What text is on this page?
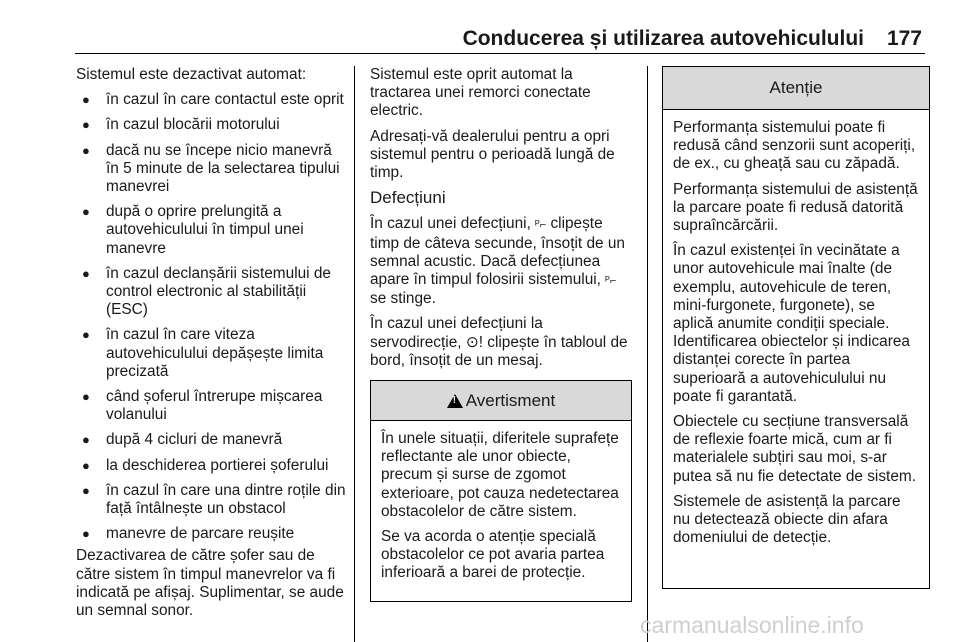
Conducerea și utilizarea autovehiculului 177

Sistemul este dezactivat automat:

● în cazul în care contactul este oprit
● în cazul blocării motorului
● dacă nu se începe nicio manevră în 5 minute de la selectarea tipului manevrei
● după o oprire prelungită a autovehiculului în timpul unei manevre
● în cazul declanșării sistemului de control electronic al stabilității (ESC)
● în cazul în care viteza autovehiculului depășește limita precizată
● când șoferul întrerupe mișcarea volanului
● după 4 cicluri de manevră
● la deschiderea portierei șoferului
● în cazul în care una dintre roțile din față întâlnește un obstacol
● manevre de parcare reușite

Dezactivarea de către șofer sau de către sistem în timpul manevrelor va fi indicată pe afișaj. Suplimentar, se aude un semnal sonor.

Sistemul este oprit automat la tractarea unei remorci conectate electric.

Adresați-vă dealerului pentru a opri sistemul pentru o perioadă lungă de timp.

Defecțiuni

În cazul unei defecțiuni, ᴾ⌐ clipește timp de câteva secunde, însoțit de un semnal acustic. Dacă defecțiunea apare în timpul folosirii sistemului, ᴾ⌐ se stinge.

În cazul unei defecțiuni la servodirecție, ⊙! clipește în tabloul de bord, însoțit de un mesaj.

!
Avertisment

În unele situații, diferitele suprafețe reflectante ale unor obiecte, precum și surse de zgomot exterioare, pot cauza nedetectarea obstacolelor de către sistem.

Se va acorda o atenție specială obstacolelor ce pot avaria partea inferioară a barei de protecție.

Atenție

Performanța sistemului poate fi redusă când senzorii sunt acoperiți, de ex., cu gheață sau cu zăpadă.

Performanța sistemului de asistență la parcare poate fi redusă datorită supraîncărcării.

În cazul existenței în vecinătate a unor autovehicule mai înalte (de exemplu, autovehicule de teren, mini-furgonete, furgonete), se aplică anumite condiții speciale. Identificarea obiectelor și indicarea distanței corecte în partea superioară a autovehiculului nu poate fi garantată.

Obiectele cu secțiune transversală de reflexie foarte mică, cum ar fi materialele subțiri sau moi, s-ar putea să nu fie detectate de sistem.

Sistemele de asistență la parcare nu detectează obiecte din afara domeniului de detecție.

carmanualsonline.info
